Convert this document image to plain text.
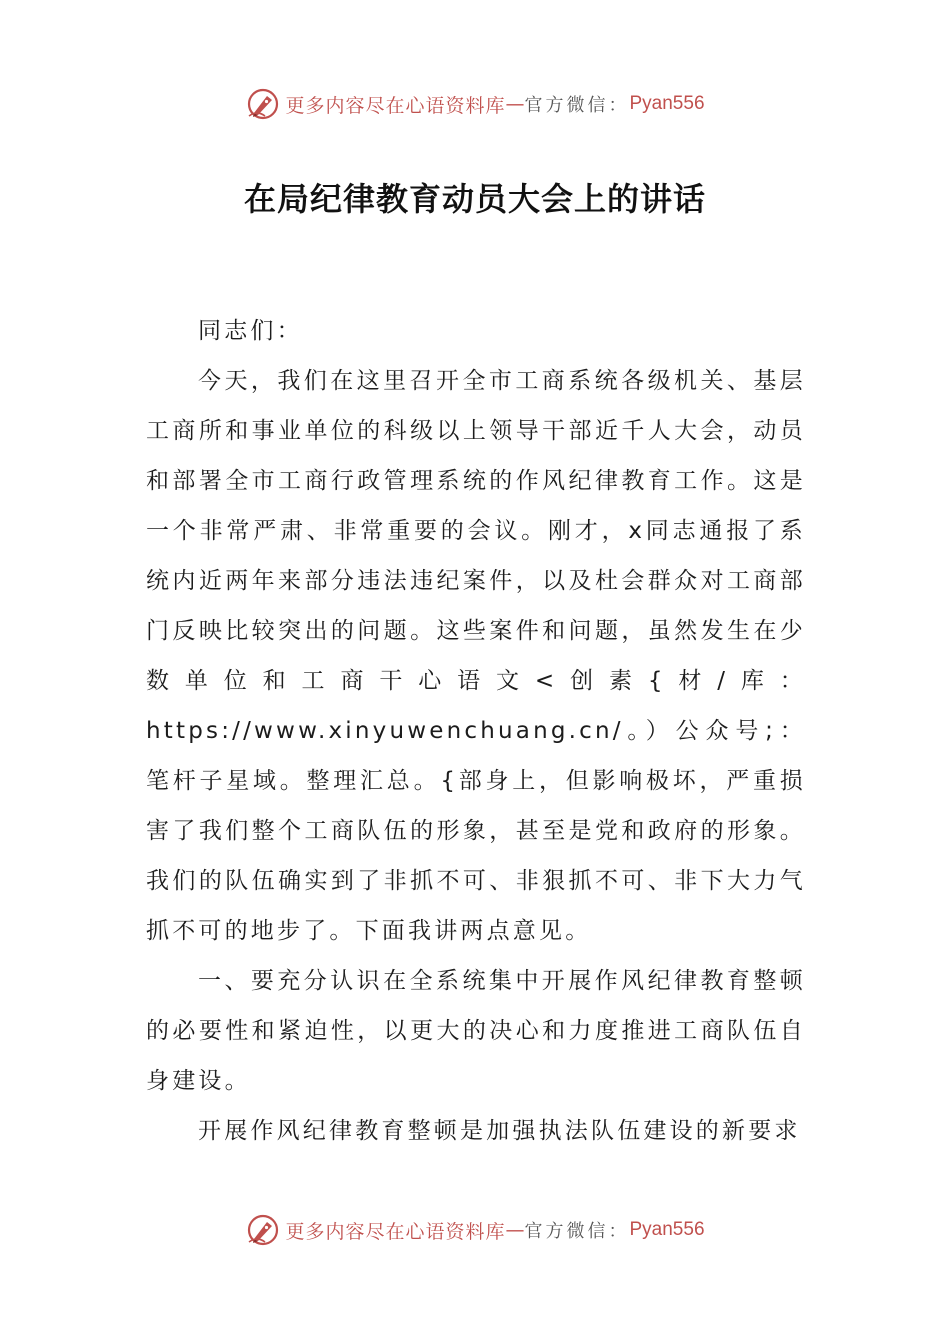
更多内容尽在心语资料库 — 官方微信： Pyan556
在局纪律教育动员大会上的讲话

同志们：

今天，我们在这里召开全市工商系统各级机关、基层工商所和事业单位的科级以上领导干部近千人大会，动员和部署全市工商行政管理系统的作风纪律教育工作。这是一个非常严肃、非常重要的会议。刚才，x同志通报了系统内近两年来部分违法违纪案件，以及杜会群众对工商部门反映比较突出的问题。这些案件和问题，虽然发生在少数单位和工商干心语文<创素{材/库：https://www.xinyuwenchuang.cn/。）公众号;：笔杆子星域。整理汇总。{部身上，但影响极坏，严重损害了我们整个工商队伍的形象，甚至是党和政府的形象。我们的队伍确实到了非抓不可、非狠抓不可、非下大力气抓不可的地步了。下面我讲两点意见。

一、要充分认识在全系统集中开展作风纪律教育整顿的必要性和紧迫性，以更大的决心和力度推进工商队伍自身建设。

开展作风纪律教育整顿是加强执法队伍建设的新要求

更多内容尽在心语资料库 — 官方微信： Pyan556
